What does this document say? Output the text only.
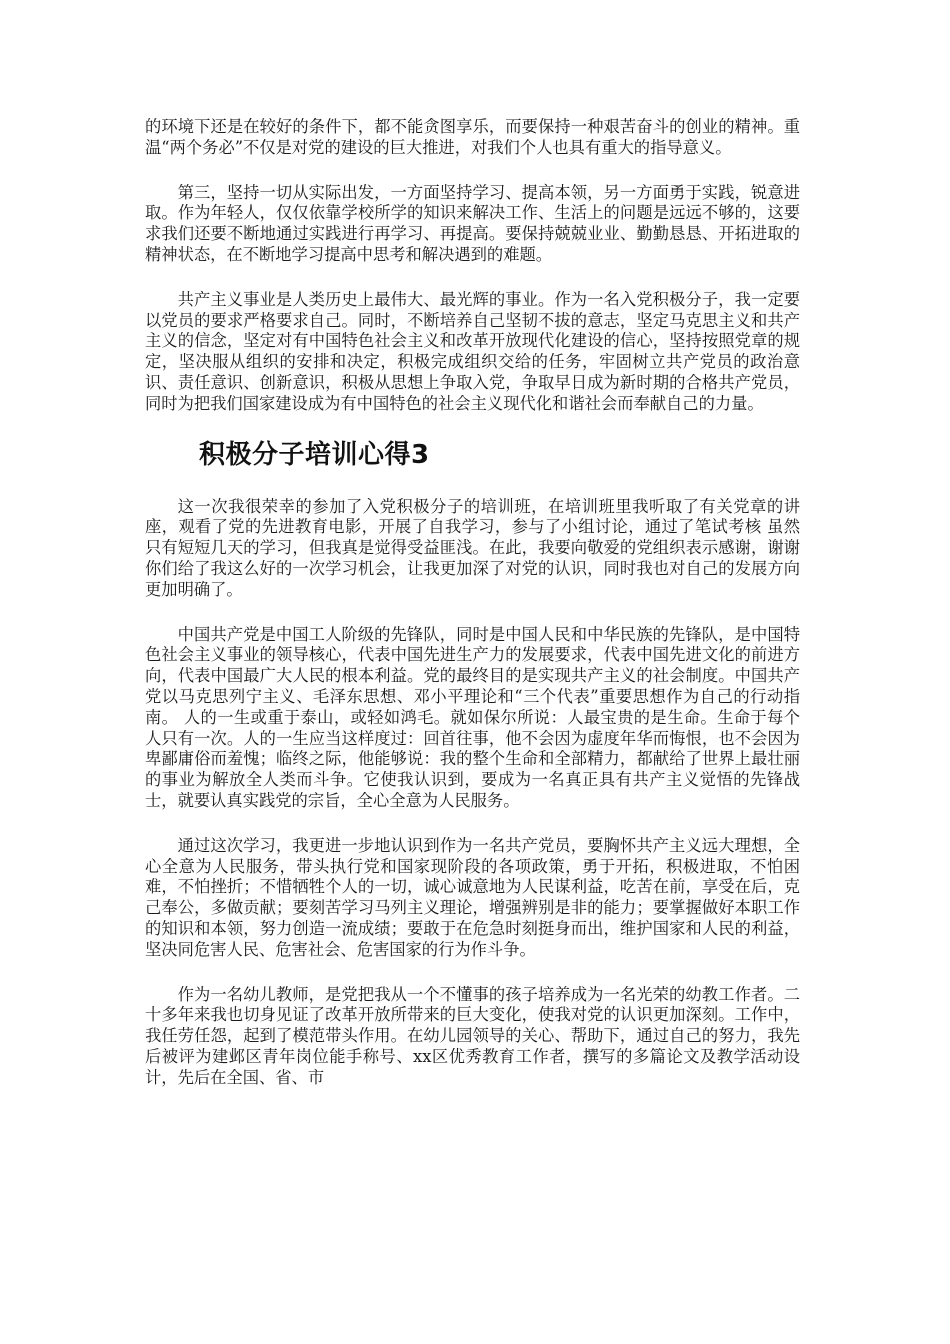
的环境下还是在较好的条件下，都不能贪图享乐，而要保持一种艰苦奋斗的创业的精神。重温“两个务必”不仅是对党的建设的巨大推进，对我们个人也具有重大的指导意义。

第三，坚持一切从实际出发，一方面坚持学习、提高本领，另一方面勇于实践，锐意进取。作为年轻人，仅仅依靠学校所学的知识来解决工作、生活上的问题是远远不够的，这要求我们还要不断地通过实践进行再学习、再提高。要保持兢兢业业、勤勤恳恳、开拓进取的精神状态，在不断地学习提高中思考和解决遇到的难题。

共产主义事业是人类历史上最伟大、最光辉的事业。作为一名入党积极分子，我一定要以党员的要求严格要求自己。同时，不断培养自己坚韧不拔的意志，坚定马克思主义和共产主义的信念，坚定对有中国特色社会主义和改革开放现代化建设的信心，坚持按照党章的规定，坚决服从组织的安排和决定，积极完成组织交给的任务，牢固树立共产党员的政治意识、责任意识、创新意识，积极从思想上争取入党，争取早日成为新时期的合格共产党员，同时为把我们国家建设成为有中国特色的社会主义现代化和谐社会而奉献自己的力量。

积极分子培训心得3

这一次我很荣幸的参加了入党积极分子的培训班，在培训班里我听取了有关党章的讲座，观看了党的先进教育电影，开展了自我学习，参与了小组讨论，通过了笔试考核 虽然只有短短几天的学习，但我真是觉得受益匪浅。在此，我要向敬爱的党组织表示感谢，谢谢你们给了我这么好的一次学习机会，让我更加深了对党的认识，同时我也对自己的发展方向更加明确了。

中国共产党是中国工人阶级的先锋队，同时是中国人民和中华民族的先锋队，是中国特色社会主义事业的领导核心，代表中国先进生产力的发展要求，代表中国先进文化的前进方向，代表中国最广大人民的根本利益。党的最终目的是实现共产主义的社会制度。中国共产党以马克思列宁主义、毛泽东思想、邓小平理论和“三个代表”重要思想作为自己的行动指南。 人的一生或重于泰山，或轻如鸿毛。就如保尔所说：人最宝贵的是生命。生命于每个人只有一次。人的一生应当这样度过：回首往事，他不会因为虚度年华而悔恨，也不会因为卑鄙庸俗而羞愧；临终之际，他能够说：我的整个生命和全部精力，都献给了世界上最壮丽的事业为解放全人类而斗争。它使我认识到，要成为一名真正具有共产主义觉悟的先锋战士，就要认真实践党的宗旨，全心全意为人民服务。

通过这次学习，我更进一步地认识到作为一名共产党员，要胸怀共产主义远大理想，全心全意为人民服务，带头执行党和国家现阶段的各项政策，勇于开拓，积极进取，不怕困难，不怕挫折；不惜牺牲个人的一切，诚心诚意地为人民谋利益，吃苦在前，享受在后，克己奉公，多做贡献；要刻苦学习马列主义理论，增强辨别是非的能力；要掌握做好本职工作的知识和本领，努力创造一流成绩；要敢于在危急时刻挺身而出，维护国家和人民的利益，坚决同危害人民、危害社会、危害国家的行为作斗争。

作为一名幼儿教师，是党把我从一个不懂事的孩子培养成为一名光荣的幼教工作者。二十多年来我也切身见证了改革开放所带来的巨大变化，使我对党的认识更加深刻。工作中，我任劳任怨，起到了模范带头作用。在幼儿园领导的关心、帮助下，通过自己的努力，我先后被评为建邺区青年岗位能手称号、xx区优秀教育工作者，撰写的多篇论文及教学活动设计，先后在全国、省、市
